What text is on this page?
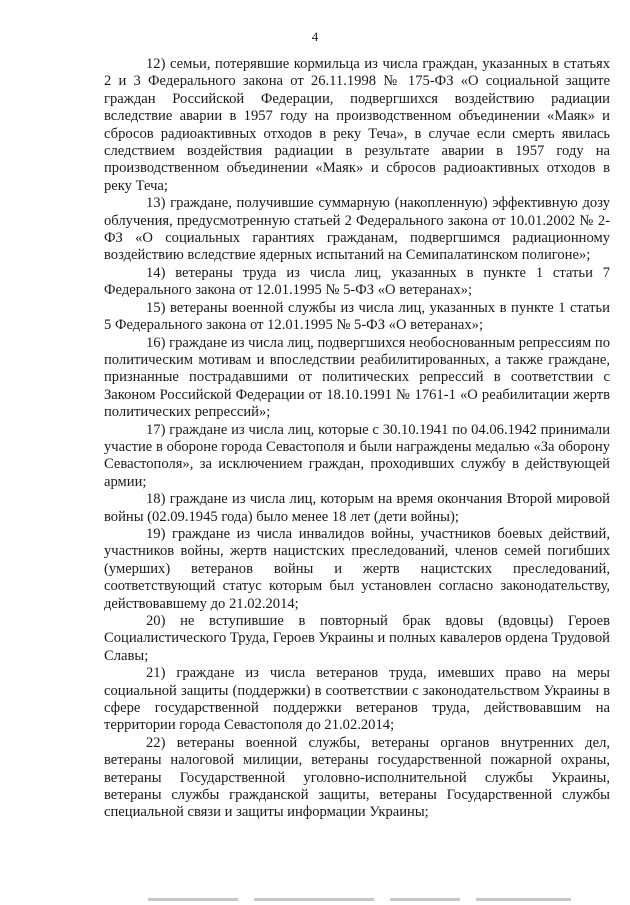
4

12) семьи, потерявшие кормильца из числа граждан, указанных в статьях 2 и 3 Федерального закона от 26.11.1998 № 175-ФЗ «О социальной защите граждан Российской Федерации, подвергшихся воздействию радиации вследствие аварии в 1957 году на производственном объединении «Маяк» и сбросов радиоактивных отходов в реку Теча», в случае если смерть явилась следствием воздействия радиации в результате аварии в 1957 году на производственном объединении «Маяк» и сбросов радиоактивных отходов в реку Теча;

13) граждане, получившие суммарную (накопленную) эффективную дозу облучения, предусмотренную статьей 2 Федерального закона от 10.01.2002 № 2-ФЗ «О социальных гарантиях гражданам, подвергшимся радиационному воздействию вследствие ядерных испытаний на Семипалатинском полигоне»;

14) ветераны труда из числа лиц, указанных в пункте 1 статьи 7 Федерального закона от 12.01.1995 № 5-ФЗ «О ветеранах»;

15) ветераны военной службы из числа лиц, указанных в пункте 1 статьи 5 Федерального закона от 12.01.1995 № 5-ФЗ «О ветеранах»;

16) граждане из числа лиц, подвергшихся необоснованным репрессиям по политическим мотивам и впоследствии реабилитированных, а также граждане, признанные пострадавшими от политических репрессий в соответствии с Законом Российской Федерации от 18.10.1991 № 1761-1 «О реабилитации жертв политических репрессий»;

17) граждане из числа лиц, которые с 30.10.1941 по 04.06.1942 принимали участие в обороне города Севастополя и были награждены медалью «За оборону Севастополя», за исключением граждан, проходивших службу в действующей армии;

18) граждане из числа лиц, которым на время окончания Второй мировой войны (02.09.1945 года) было менее 18 лет (дети войны);

19) граждане из числа инвалидов войны, участников боевых действий, участников войны, жертв нацистских преследований, членов семей погибших (умерших) ветеранов войны и жертв нацистских преследований, соответствующий статус которым был установлен согласно законодательству, действовавшему до 21.02.2014;

20) не вступившие в повторный брак вдовы (вдовцы) Героев Социалистического Труда, Героев Украины и полных кавалеров ордена Трудовой Славы;

21) граждане из числа ветеранов труда, имевших право на меры социальной защиты (поддержки) в соответствии с законодательством Украины в сфере государственной поддержки ветеранов труда, действовавшим на территории города Севастополя до 21.02.2014;

22) ветераны военной службы, ветераны органов внутренних дел, ветераны налоговой милиции, ветераны государственной пожарной охраны, ветераны Государственной уголовно-исполнительной службы Украины, ветераны службы гражданской защиты, ветераны Государственной службы специальной связи и защиты информации Украины;
